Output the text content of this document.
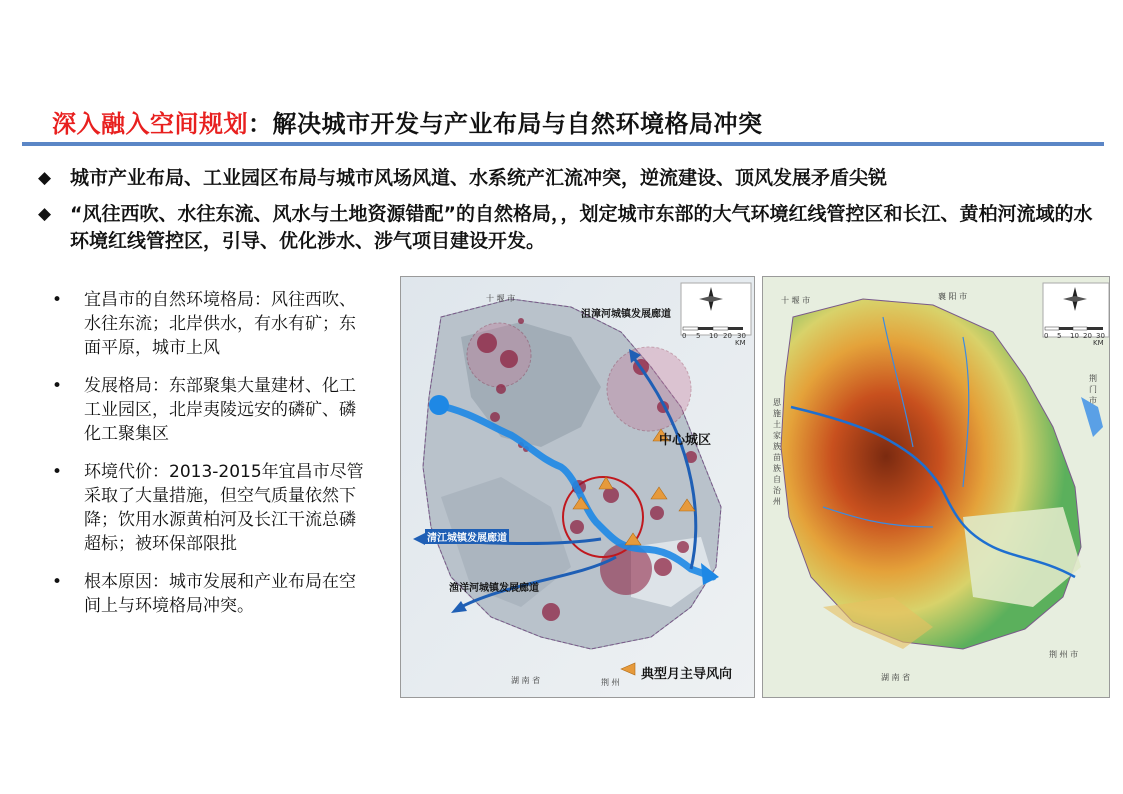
深入融入空间规划：解决城市开发与产业布局与自然环境格局冲突
◆ 城市产业布局、工业园区布局与城市风场风道、水系统产汇流冲突，逆流建设、顶风发展矛盾尖锐
◆ “风往西吹、水往东流、风水与土地资源错配”的自然格局，，划定城市东部的大气环境红线管控区和长江、黄柏河流域的水环境红线管控区，引导、优化涉水、涉气项目建设开发。
• 宜昌市的自然环境格局：风往西吹、水往东流；北岸供水，有水有矿；东面平原，城市上风
• 发展格局：东部聚集大量建材、化工工业园区，北岸夷陵远安的磷矿、磷化工聚集区
• 环境代价：2013-2015年宜昌市尽管采取了大量措施，但空气质量依然下降；饮用水源黄柏河及长江干流总磷超标；被环保部限批
• 根本原因：城市发展和产业布局在空间上与环境格局冲突。
沮漳河城镇发展廊道
中心城区
清江城镇发展廊道
渔洋河城镇发展廊道
典型月主导风向
十 堰 市
湖 南 省	荆 州
0 5 10 20 30
KM
十 堰 市	襄 阳 市
荆 门 市
恩 施 土 家 族 苗 族 自 治 州
湖 南 省
荆 州 市
0 5 10 20 30
KM
